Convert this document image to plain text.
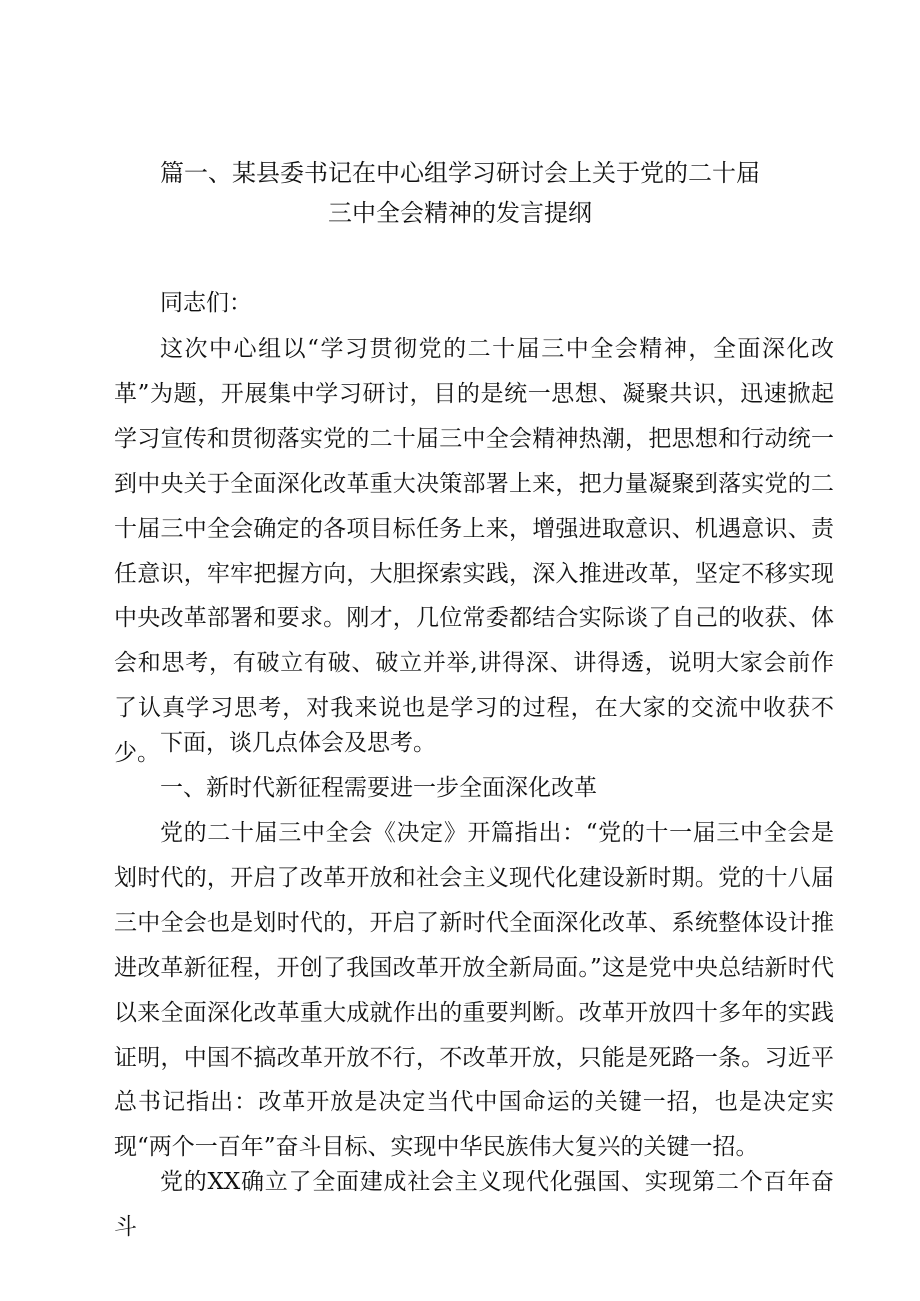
篇一、某县委书记在中心组学习研讨会上关于党的二十届
三中全会精神的发言提纲

同志们：

这次中心组以“学习贯彻党的二十届三中全会精神，全面深化改革”为题，开展集中学习研讨，目的是统一思想、凝聚共识，迅速掀起学习宣传和贯彻落实党的二十届三中全会精神热潮，把思想和行动统一到中央关于全面深化改革重大决策部署上来，把力量凝聚到落实党的二十届三中全会确定的各项目标任务上来，增强进取意识、机遇意识、责任意识，牢牢把握方向，大胆探索实践，深入推进改革，坚定不移实现中央改革部署和要求。刚才，几位常委都结合实际谈了自己的收获、体会和思考，有破立有破、破立并举,讲得深、讲得透，说明大家会前作了认真学习思考，对我来说也是学习的过程，在大家的交流中收获不少。 下面，谈几点体会及思考。

一、新时代新征程需要进一步全面深化改革

党的二十届三中全会《决定》开篇指出：“党的十一届三中全会是划时代的，开启了改革开放和社会主义现代化建设新时期。党的十八届三中全会也是划时代的，开启了新时代全面深化改革、系统整体设计推进改革新征程，开创了我国改革开放全新局面。”这是党中央总结新时代以来全面深化改革重大成就作出的重要判断。改革开放四十多年的实践证明，中国不搞改革开放不行，不改革开放，只能是死路一条。习近平总书记指出：改革开放是决定当代中国命运的关键一招，也是决定实现“两个一百年”奋斗目标、实现中华民族伟大复兴的关键一招。

党的XX确立了全面建成社会主义现代化强国、实现第二个百年奋斗
